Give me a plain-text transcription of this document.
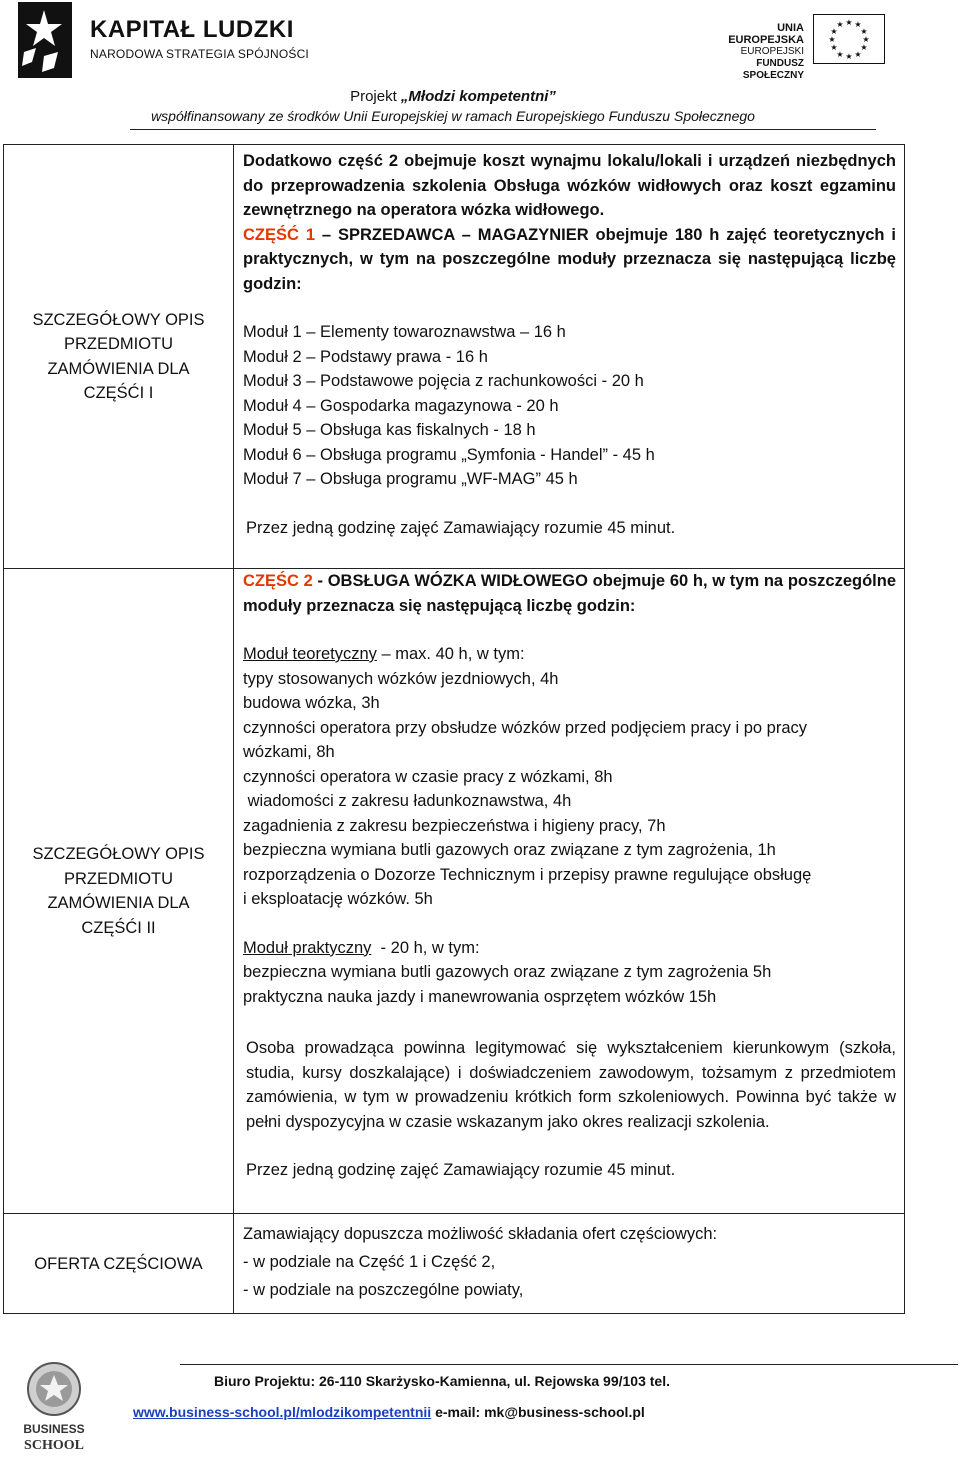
KAPITAŁ LUDZKI
NARODOWA STRATEGIA SPÓJNOŚCI
UNIA EUROPEJSKA
EUROPEJSKI
FUNDUSZ SPOŁECZNY
★ ★
★
★
★
★
★
★
★
★
★
★
Projekt „Młodzi kompetentni”
współfinansowany ze środków Unii Europejskiej w ramach Europejskiego Funduszu Społecznego
SZCZEGÓŁOWY OPIS
PRZEDMIOTU
ZAMÓWIENIA DLA
CZĘŚĆI I
Dodatkowo część 2 obejmuje koszt wynajmu lokalu/lokali i urządzeń niezbędnych do przeprowadzenia szkolenia Obsługa wózków widłowych oraz koszt egzaminu zewnętrznego na operatora wózka widłowego.
CZĘŚĆ 1 – SPRZEDAWCA – MAGAZYNIER obejmuje 180 h zajęć teoretycznych i praktycznych, w tym na poszczególne moduły przeznacza się następującą liczbę godzin:
Moduł 1 – Elementy towaroznawstwa – 16 h
Moduł 2 – Podstawy prawa - 16 h
Moduł 3 – Podstawowe pojęcia z rachunkowości - 20 h
Moduł 4 – Gospodarka magazynowa - 20 h
Moduł 5 – Obsługa kas fiskalnych - 18 h
Moduł 6 – Obsługa programu „Symfonia - Handel” - 45 h
Moduł 7 – Obsługa programu „WF-MAG” 45 h
Przez jedną godzinę zajęć Zamawiający rozumie 45 minut.
SZCZEGÓŁOWY OPIS
PRZEDMIOTU
ZAMÓWIENIA DLA
CZĘŚĆI II
CZĘŚC 2 - OBSŁUGA WÓZKA WIDŁOWEGO obejmuje 60 h, w tym na poszczególne moduły przeznacza się następującą liczbę godzin:
Moduł teoretyczny – max. 40 h, w tym:
typy stosowanych wózków jezdniowych, 4h
budowa wózka, 3h
czynności operatora przy obsłudze wózków przed podjęciem pracy i po pracy
wózkami, 8h
czynności operatora w czasie pracy z wózkami, 8h
wiadomości z zakresu ładunkoznawstwa, 4h
zagadnienia z zakresu bezpieczeństwa i higieny pracy, 7h
bezpieczna wymiana butli gazowych oraz związane z tym zagrożenia, 1h
rozporządzenia o Dozorze Technicznym i przepisy prawne regulujące obsługę
i eksploatację wózków. 5h
Moduł praktyczny  - 20 h, w tym:
bezpieczna wymiana butli gazowych oraz związane z tym zagrożenia 5h
praktyczna nauka jazdy i manewrowania osprzętem wózków 15h
Osoba prowadząca powinna legitymować się wykształceniem kierunkowym (szkoła, studia, kursy doszkalające) i doświadczeniem zawodowym, tożsamym z przedmiotem zamówienia, w tym w prowadzeniu krótkich form szkoleniowych. Powinna być także w pełni dyspozycyjna w czasie wskazanym jako okres realizacji szkolenia.
Przez jedną godzinę zajęć Zamawiający rozumie 45 minut.
OFERTA CZĘŚCIOWA
Zamawiający dopuszcza możliwość składania ofert częściowych:
- w podziale na Część 1 i Część 2,
- w podziale na poszczególne powiaty,
BUSINESS
SCHOOL
Biuro Projektu: 26-110 Skarżysko-Kamienna, ul. Rejowska 99/103 tel.
www.business-school.pl/mlodzikompetentnii e-mail: mk@business-school.pl
